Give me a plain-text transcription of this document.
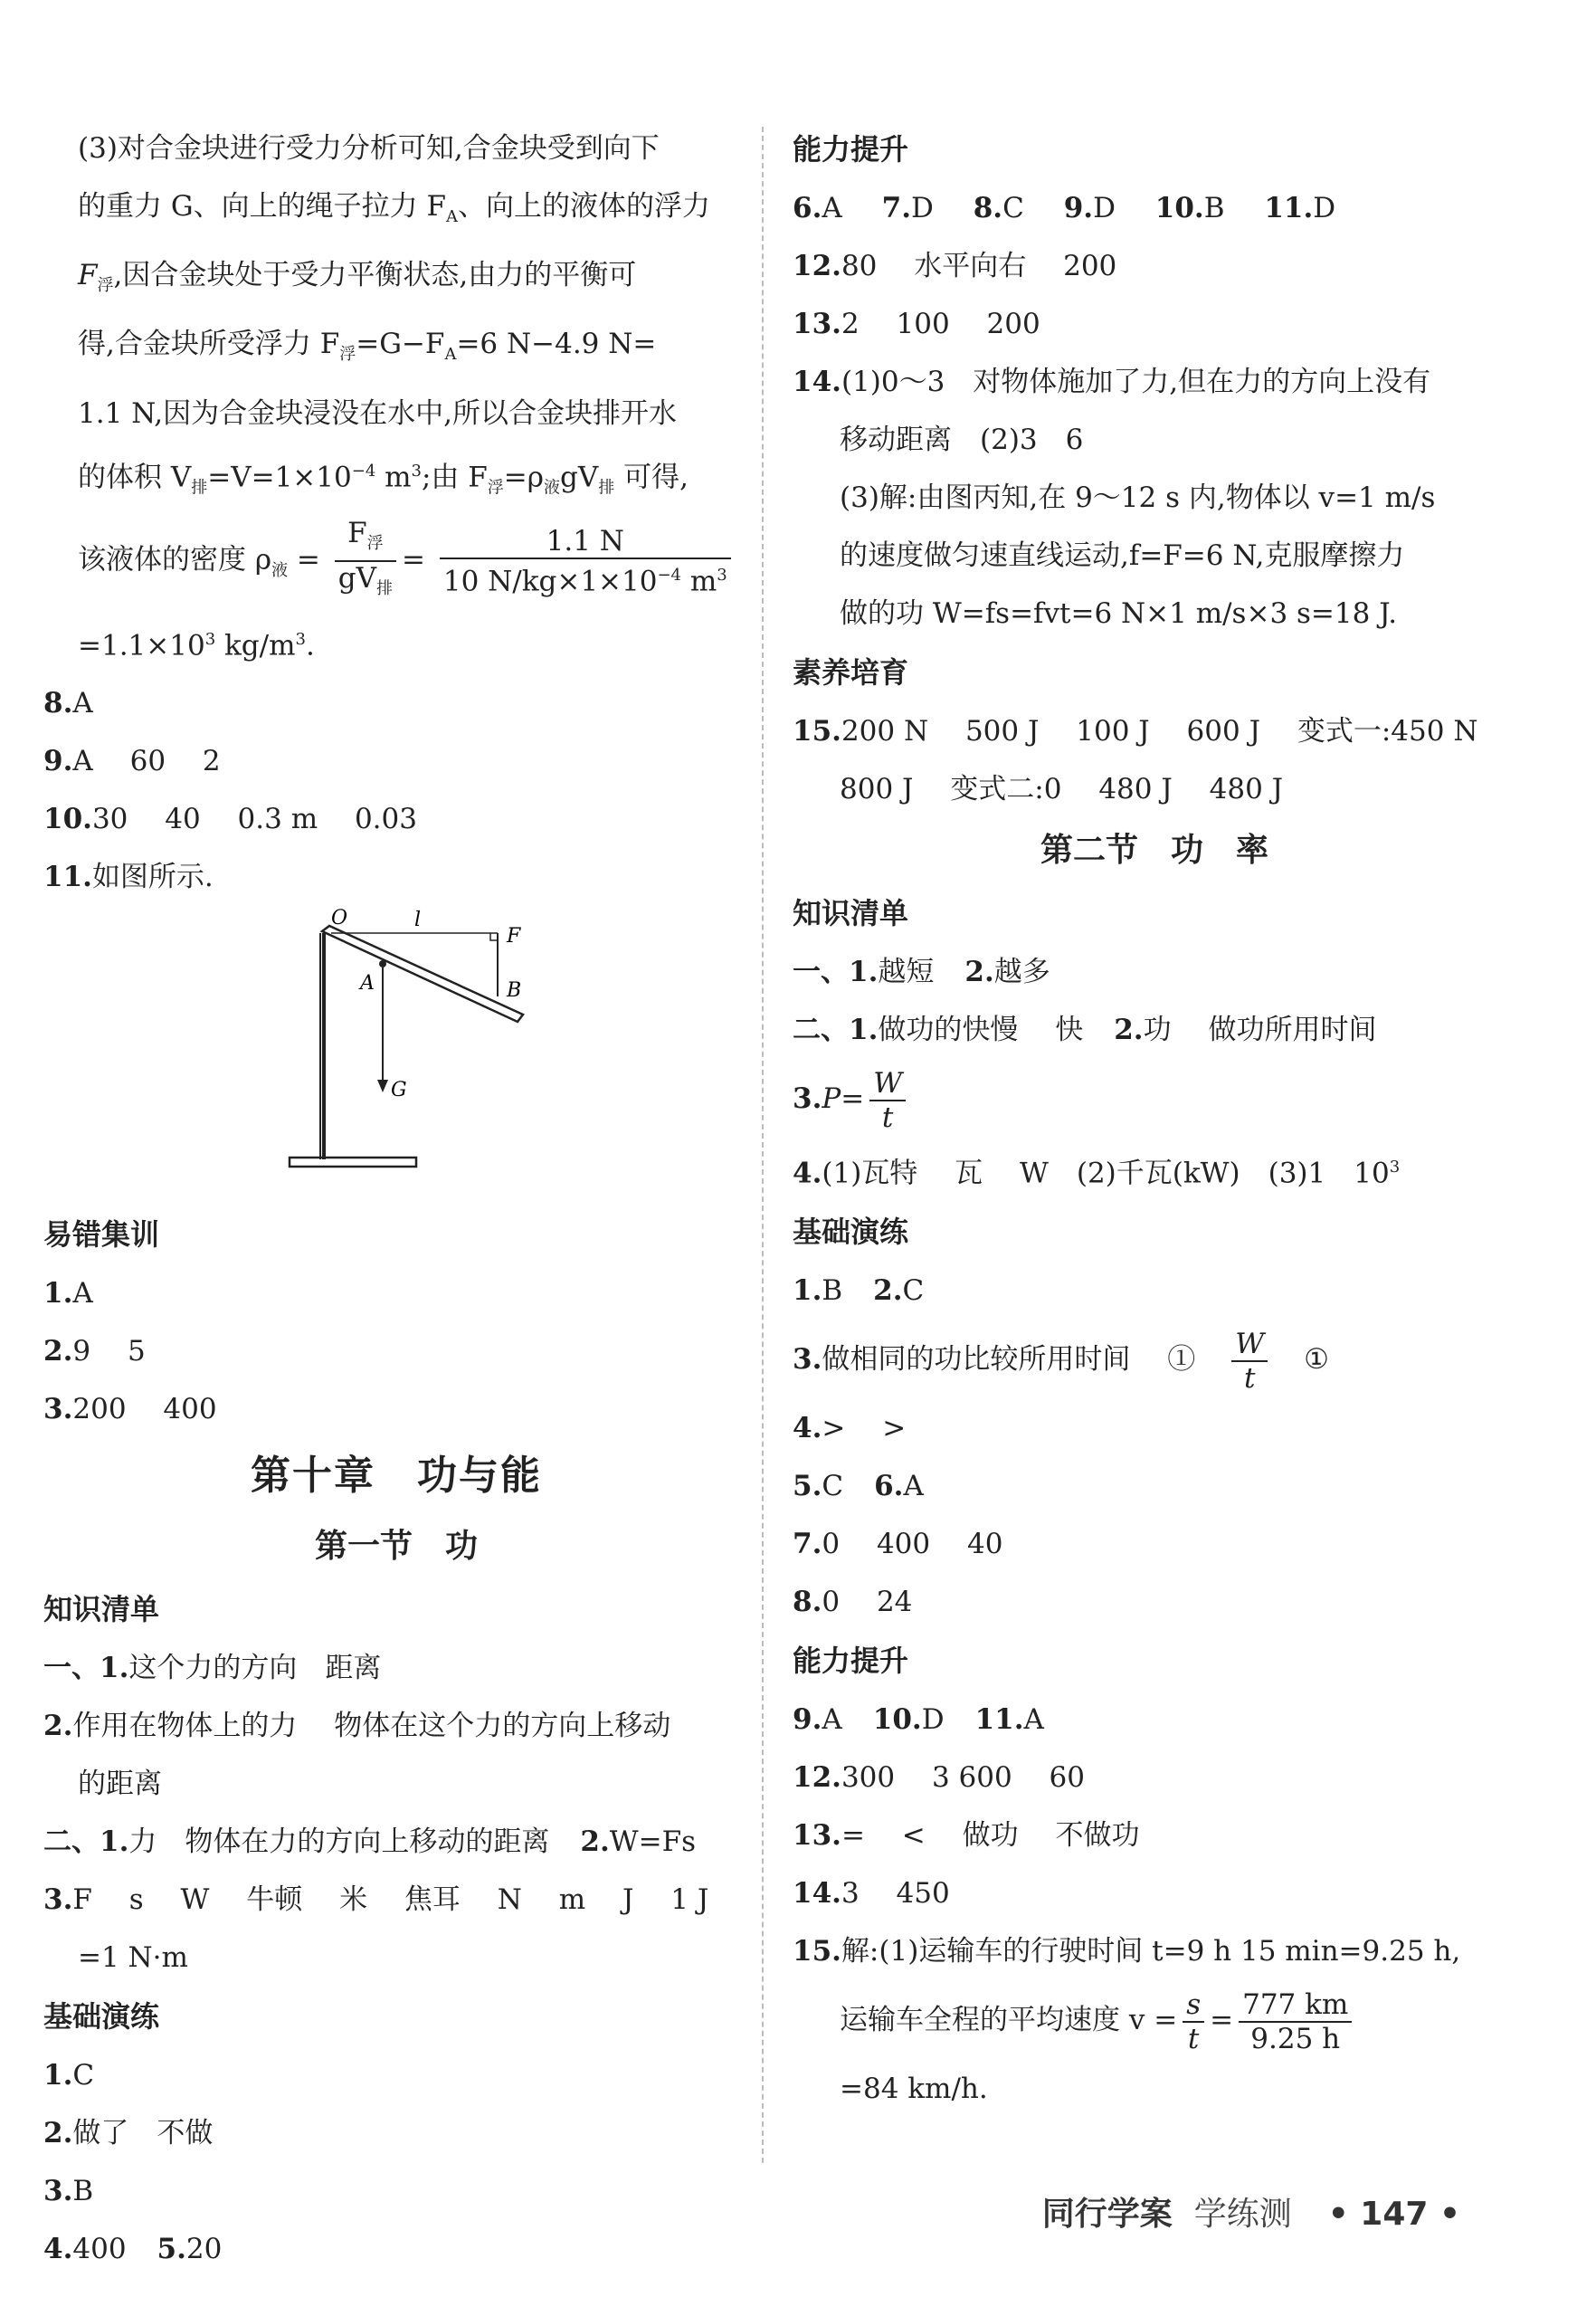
(3)对合金块进行受力分析可知,合金块受到向下
的重力 G、向上的绳子拉力 $F_A$、向上的液体的浮力
$F_浮$,因合金块处于受力平衡状态,由力的平衡可
得,合金块所受浮力 $F_浮=G-F_A=6$ N−4.9 N=
1.1 N,因为合金块浸没在水中,所以合金块排开水
的体积 $V_排=V=1\times 10^{-4}$ $m^3$;由 $F_浮=\rho_液gV_排$ 可得,
该液体的密度 $\rho_液 = \frac{F_浮}{gV_排} = \frac{1.1 N}{10 N/kg\times 1\times 10^{-4} m^3}$
$=1.1\times 10^3$ $kg/m^3$.
8.A
9.A　 60　 2
10.30　 40　 0.3 m　 0.03
11.如图所示.
O	l
F
A	B
G
易错集训
1.A
2.9　 5
3.200　 400
第十章　功与能
第一节　功
知识清单
一、1.这个力的方向　距离
2.作用在物体上的力　 物体在这个力的方向上移动
的距离
二、1.力　物体在力的方向上移动的距离 2.W=Fs
3.F　 s　 W　 牛顿　 米　 焦耳　 N　 m　 J　 1 J
=1 N·m
基础演练
1.C
2.做了　不做
3.B
4.400 5.20
能力提升
6.A 7.D 8.C 9.D 10.B 11.D
12.80　 水平向右　 200
13.2　 100　 200
14.(1)0～3　对物体施加了力,但在力的方向上没有
移动距离　(2)3　6
(3)解:由图丙知,在 9～12 s 内,物体以 v=1 m/s
的速度做匀速直线运动,f=F=6 N,克服摩擦力
做的功 W=fs=fvt=6 N×1 m/s×3 s=18 J.
素养培育
15.200 N　 500 J　 100 J　 600 J　 变式一:450 N
800 J　 变式二:0　 480 J　 480 J
第二节　功　率
知识清单
一、1.越短 2.越多
二、1.做功的快慢　 快 2.功　 做功所用时间
$3.P= \frac{W}{t}$
4.(1)瓦特　 瓦　 W　(2)千瓦(kW)　(3)1　$10^3$
基础演练
1.B 2.C
3.做相同的功比较所用时间　 ① $\frac{W}{t}$ ①
4.>　 >
5.C 6.A
7.0　 400　 40
8.0　 24
能力提升
9.A 10.D 11.A
12.300　 3 600　 60
13.=　 <　 做功　 不做功
14.3　 450
15.解:(1)运输车的行驶时间 t=9 h 15 min=9.25 h,
运输车全程的平均速度 $v = \frac{s}{t} = \frac{777 km}{9.25 h}$
=84 km/h.
同行学案 学练测 • 147 •
